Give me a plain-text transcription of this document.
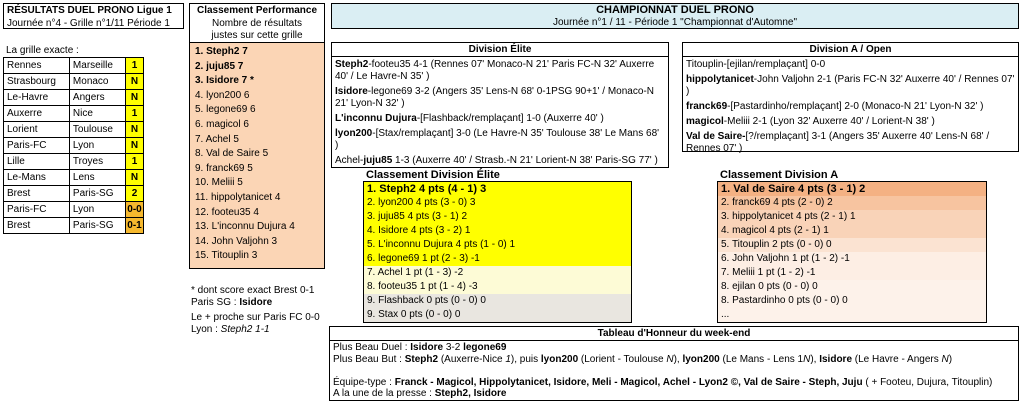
RÉSULTATS DUEL PRONO Ligue 1
Journée n°4 - Grille n°1/11 Période 1
La grille exacte :
Rennes	Marseille	1
Strasbourg	Monaco	N
Le-Havre	Angers	N
Auxerre	Nice	1
Lorient	Toulouse	N
Paris-FC	Lyon	N
Lille	Troyes	1
Le-Mans	Lens	N
Brest	Paris-SG	2
Paris-FC	Lyon	0-0
Brest	Paris-SG	0-1
Classement Performance
Nombre de résultats justes sur cette grille
1. Steph2 7
2. juju85 7
3. Isidore 7 *
4. lyon200 6
5. legone69 6
6. magicol 6
7. Achel 5
8. Val de Saire 5
9. franck69 5
10. Meliii 5
11. hippolytanicet 4
12. footeu35 4
13. L'inconnu Dujura 4
14. John Valjohn 3
15. Titouplin 3
* dont score exact Brest 0-1
Paris SG : Isidore
Le + proche sur Paris FC 0-0
Lyon : Steph2 1-1
CHAMPIONNAT DUEL PRONO
Journée n°1 / 11 - Période 1 "Championnat d'Automne"
Division Élite
Steph2-footeu35 4-1 (Rennes 07' Monaco-N 21' Paris FC-N 32' Auxerre 40' / Le Havre-N 35' )
Isidore-legone69 3-2 (Angers 35' Lens-N 68' 0-1PSG 90+1' / Monaco-N 21' Lyon-N 32' )
L'inconnu Dujura-[Flashback/remplaçant] 1-0 (Auxerre 40' )
lyon200-[Stax/remplaçant] 3-0 (Le Havre-N 35' Toulouse 38' Le Mans 68' )
Achel-juju85 1-3 (Auxerre 40' / Strasb.-N 21' Lorient-N 38' Paris-SG 77' )
Division A / Open
Titouplin-[ejilan/remplaçant] 0-0
hippolytanicet-John Valjohn 2-1 (Paris FC-N 32' Auxerre 40' / Rennes 07' )
franck69-[Pastardinho/remplaçant] 2-0 (Monaco-N 21' Lyon-N 32' )
magicol-Meliii 2-1 (Lyon 32' Auxerre 40' / Lorient-N 38' )
Val de Saire-[?/remplaçant] 3-1 (Angers 35' Auxerre 40' Lens-N 68' / Rennes 07' )
Classement Division Élite
1. Steph2 4 pts (4 - 1) 3
2. lyon200 4 pts (3 - 0) 3
3. juju85 4 pts (3 - 1) 2
4. Isidore 4 pts (3 - 2) 1
5. L'inconnu Dujura 4 pts (1 - 0) 1
6. legone69 1 pt (2 - 3) -1
7. Achel 1 pt (1 - 3) -2
8. footeu35 1 pt (1 - 4) -3
9. Flashback 0 pts (0 - 0) 0
9. Stax 0 pts (0 - 0) 0
Classement Division A
1. Val de Saire 4 pts (3 - 1) 2
2. franck69 4 pts (2 - 0) 2
3. hippolytanicet 4 pts (2 - 1) 1
4. magicol 4 pts (2 - 1) 1
5. Titouplin 2 pts (0 - 0) 0
6. John Valjohn 1 pt (1 - 2) -1
7. Meliii 1 pt (1 - 2) -1
8. ejilan 0 pts (0 - 0) 0
8. Pastardinho 0 pts (0 - 0) 0
...
Tableau d'Honneur du week-end
Plus Beau Duel : Isidore 3-2 legone69
Plus Beau But : Steph2 (Auxerre-Nice 1), puis lyon200 (Lorient - Toulouse N), lyon200 (Le Mans - Lens 1N), Isidore (Le Havre - Angers N)
Équipe-type : Franck - Magicol, Hippolytanicet, Isidore, Meli - Magicol, Achel - Lyon2 ©, Val de Saire - Steph, Juju ( + Footeu, Dujura, Titouplin)
A la une de la presse : Steph2, Isidore
